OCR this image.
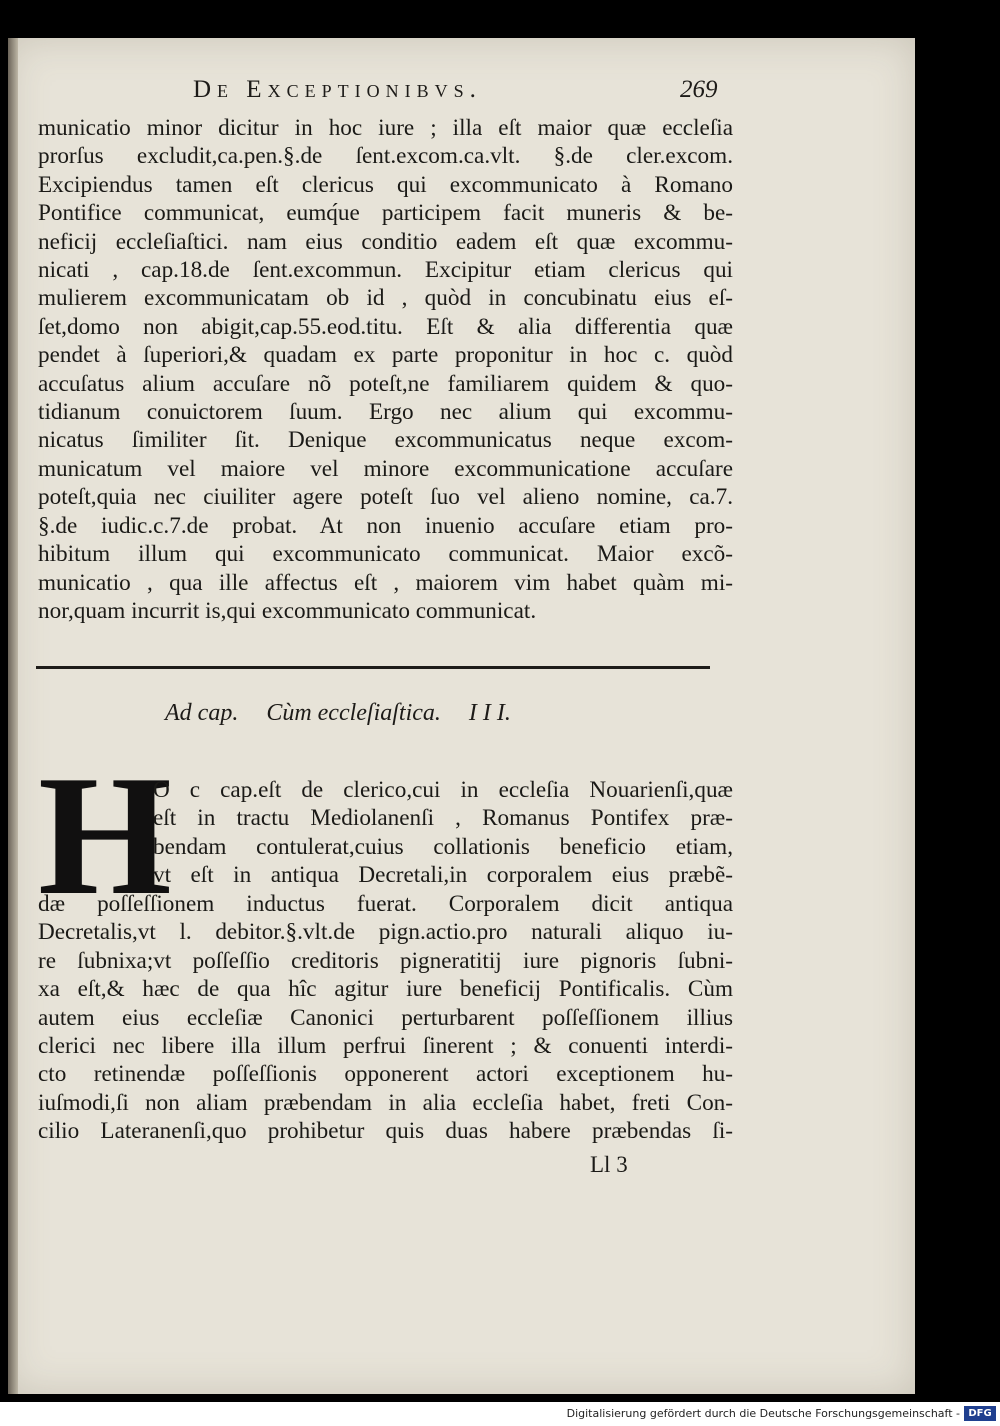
De Exceptionibvs.	269
municatio minor dicitur in hoc iure ; illa eſt maior quæ eccleſia
prorſus excludit,ca.pen.§.de ſent.excom.ca.vlt. §.de cler.excom.
Excipiendus tamen eſt clericus qui excommunicato à Romano
Pontifice communicat, eumq́ue participem facit muneris & be-
neficij eccleſiaſtici. nam eius conditio eadem eſt quæ excommu-
nicati , cap.18.de ſent.excommun. Excipitur etiam clericus qui
mulierem excommunicatam ob id , quòd in concubinatu eius eſ-
ſet,domo non abigit,cap.55.eod.titu. Eſt & alia differentia quæ
pendet à ſuperiori,& quadam ex parte proponitur in hoc c. quòd
accuſatus alium accuſare nõ poteſt,ne familiarem quidem & quo-
tidianum conuictorem ſuum. Ergo nec alium qui excommu-
nicatus ſimiliter ſit. Denique excommunicatus neque excom-
municatum vel maiore vel minore excommunicatione accuſare
poteſt,quia nec ciuiliter agere poteſt ſuo vel alieno nomine, ca.7.
§.de iudic.c.7.de probat. At non inuenio accuſare etiam pro-
hibitum illum qui excommunicato communicat. Maior excõ-
municatio , qua ille affectus eſt , maiorem vim habet quàm mi-
nor,quam incurrit is,qui excommunicato communicat.
Ad cap. Cùm eccleſiaſtica. I I I.
H
O c cap.eſt de clerico,cui in eccleſia Nouarienſi,quæ
eſt in tractu Mediolanenſi , Romanus Pontifex præ-
bendam contulerat,cuius collationis beneficio etiam,
vt eſt in antiqua Decretali,in corporalem eius præbẽ-
dæ poſſeſſionem inductus fuerat. Corporalem dicit antiqua
Decretalis,vt l. debitor.§.vlt.de pign.actio.pro naturali aliquo iu-
re ſubnixa;vt poſſeſſio creditoris pigneratitij iure pignoris ſubni-
xa eſt,& hæc de qua hîc agitur iure beneficij Pontificalis. Cùm
autem eius eccleſiæ Canonici perturbarent poſſeſſionem illius
clerici nec libere illa illum perfrui ſinerent ; & conuenti interdi-
cto retinendæ poſſeſſionis opponerent actori exceptionem hu-
iuſmodi,ſi non aliam præbendam in alia eccleſia habet, freti Con-
cilio Lateranenſi,quo prohibetur quis duas habere præbendas ſi-
Ll 3
Digitalisierung gefördert durch die Deutsche Forschungsgemeinschaft - DFG
